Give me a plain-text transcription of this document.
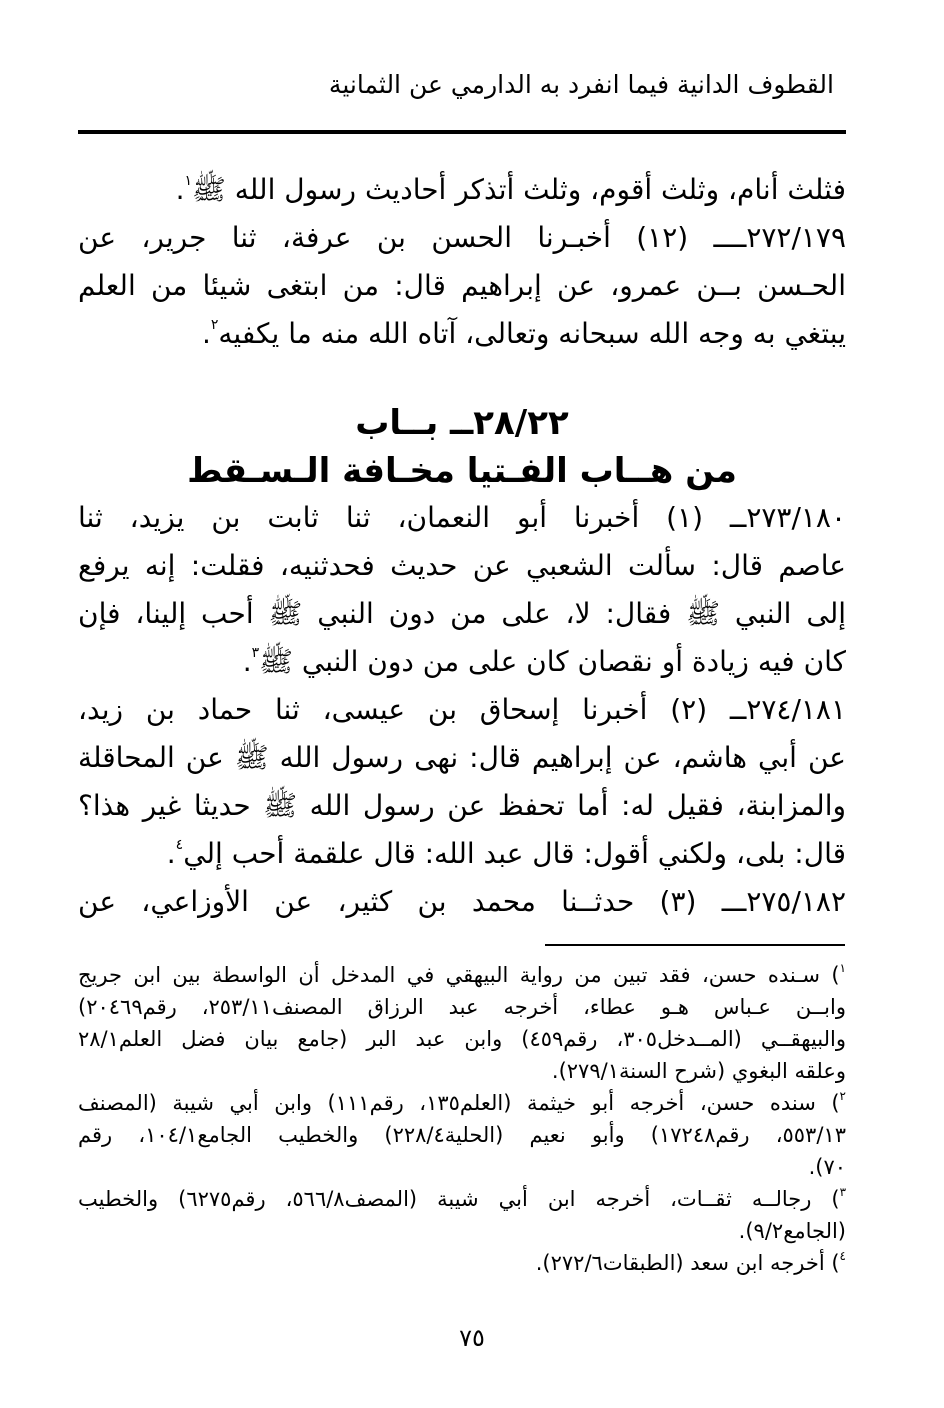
القطوف الدانية فيما انفرد به الدارمي عن الثمانية
فثلث أنام، وثلث أقوم، وثلث أتذكر أحاديث رسول الله ﷺ$^١$.
٢٧٢/١٧٩ــــ (١٢) أخبـرنا الحسن بن عرفة، ثنا جرير، عن
الحـسن بــن عمرو، عن إبراهيم قال: من ابتغى شيئا من العلم
يبتغي به وجه الله سبحانه وتعالى، آتاه الله منه ما يكفيه$^٢$.
٢٨/٢٢ــ بــاب
من هــاب الفـتيا مخـافة الـسـقط
٢٧٣/١٨٠ــ (١) أخبرنا أبو النعمان، ثنا ثابت بن يزيد، ثنا
عاصم قال: سألت الشعبي عن حديث فحدثنيه، فقلت: إنه يرفع
إلى النبي ﷺ فقال: لا، على من دون النبي ﷺ أحب إلينا، فإن
كان فيه زيادة أو نقصان كان على من دون النبي ﷺ$^٣$.
٢٧٤/١٨١ــ (٢) أخبرنا إسحاق بن عيسى، ثنا حماد بن زيد،
عن أبي هاشم، عن إبراهيم قال: نهى رسول الله ﷺ عن المحاقلة
والمزابنة، فقيل له: أما تحفظ عن رسول الله ﷺ حديثا غير هذا؟
قال: بلى، ولكني أقول: قال عبد الله: قال علقمة أحب إلي$^٤$.
٢٧٥/١٨٢ـــ (٣) حدثــنا محمد بن كثير، عن الأوزاعي، عن
$^١$) سـنده حسن، فقد تبين من رواية البيهقي في المدخل أن الواسطة بين ابن جريج
وابــن عـباس هـو عطاء، أخرجه عبد الرزاق المصنف٢٥٣/١١، رقم٢٠٤٦٩)
والبيهقــي (المــدخل٣٠٥، رقم٤٥٩) وابن عبد البر (جامع بيان فضل العلم٢٨/١
وعلقه البغوي (شرح السنة٢٧٩/١).
$^٢$) سنده حسن، أخرجه أبو خيثمة (العلم١٣٥، رقم١١١) وابن أبي شيبة (المصنف
٥٥٣/١٣، رقم١٧٢٤٨) وأبو نعيم (الحلية٢٢٨/٤) والخطيب الجامع١٠٤/١، رقم
٧٠).
$^٣$) رجالــه ثقــات، أخرجه ابن أبي شيبة (المصف٥٦٦/٨، رقم٦٢٧٥) والخطيب
(الجامع٩/٢).
$^٤$) أخرجه ابن سعد (الطبقات٢٧٢/٦).
٧٥
